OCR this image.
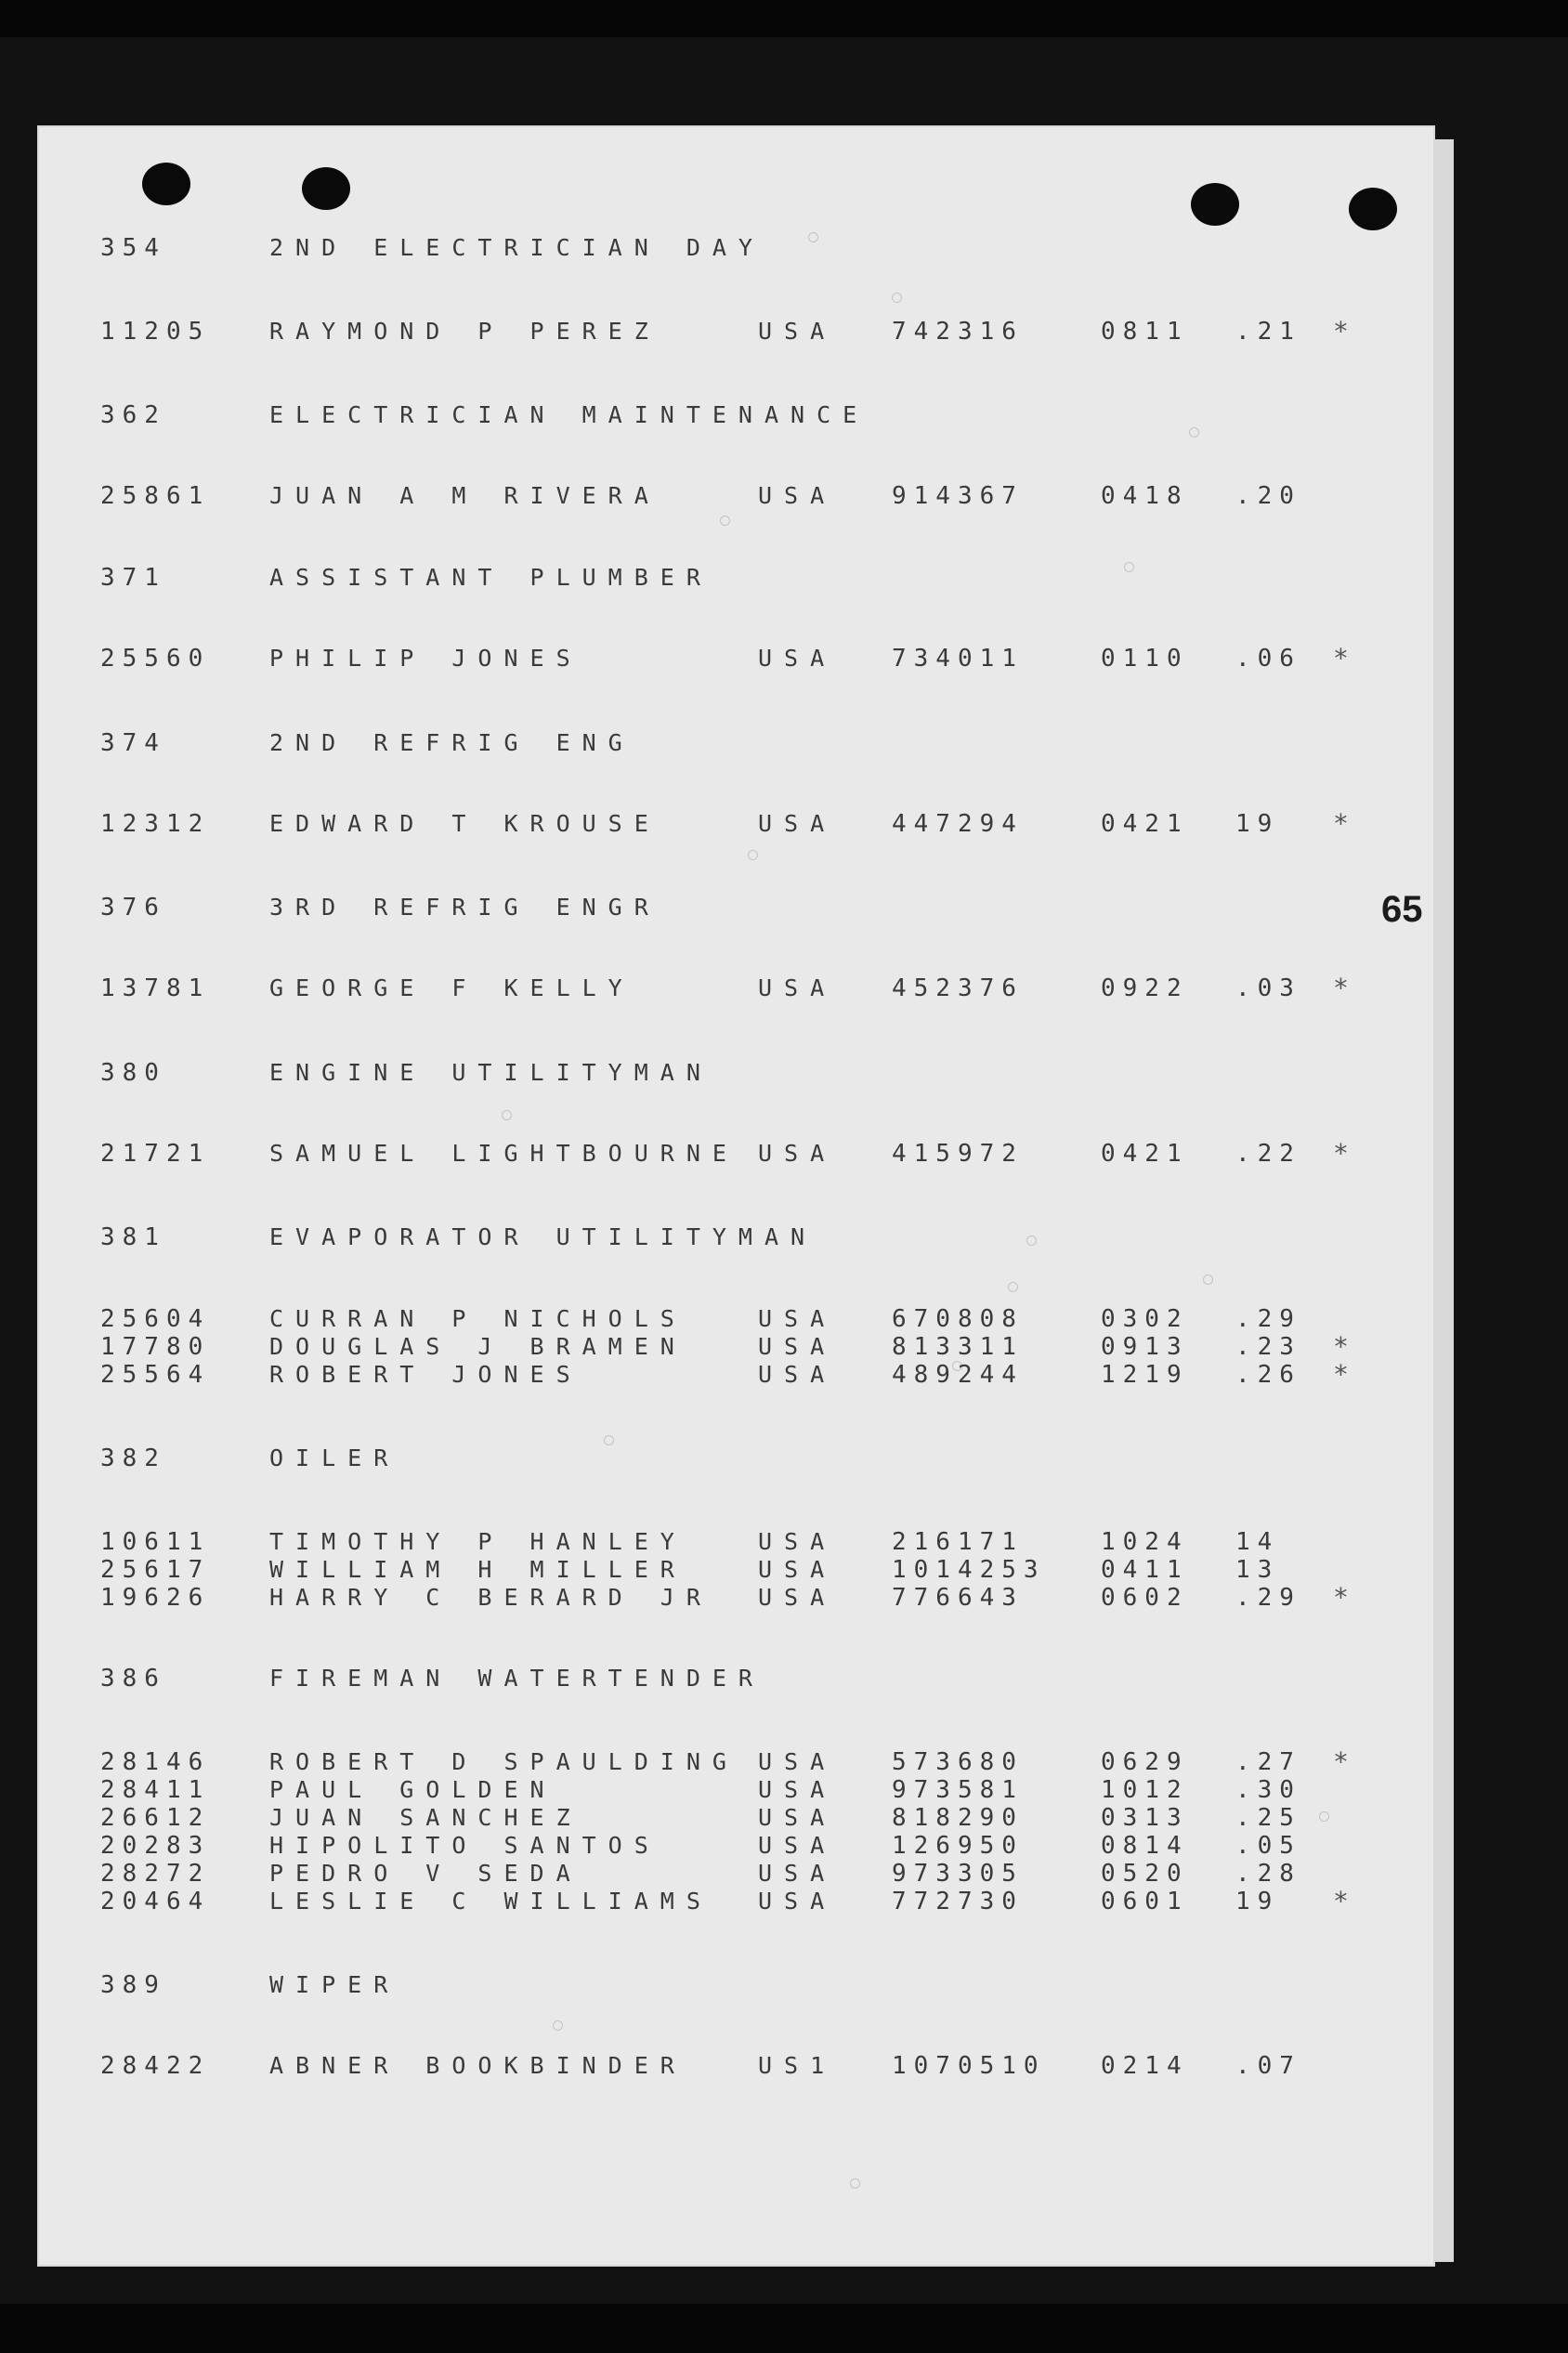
65
354	2ND ELECTRICIAN DAY
11205	RAYMOND P PEREZ	USA 742316	0811 .21 *
362	ELECTRICIAN MAINTENANCE
25861	JUAN A M RIVERA	USA 914367	0418 .20
371	ASSISTANT PLUMBER
25560	PHILIP JONES	USA 734011	0110 .06 *
374	2ND REFRIG ENG
12312	EDWARD T KROUSE	USA 447294	0421 19 *
376	3RD REFRIG ENGR
13781	GEORGE F KELLY	USA 452376	0922 .03 *
380	ENGINE UTILITYMAN
21721	SAMUEL LIGHTBOURNE USA 415972	0421 .22 *
381	EVAPORATOR UTILITYMAN
25604	CURRAN P NICHOLS	USA 670808	0302 .29
17780	DOUGLAS J BRAMEN	USA 813311	0913 .23 *
25564	ROBERT JONES	USA 489244	1219 .26 *
382	OILER
10611	TIMOTHY P HANLEY	USA 216171	1024 14
25617	WILLIAM H MILLER	USA 1014253 0411 13
19626	HARRY C BERARD JR USA 776643	0602 .29 *
386	FIREMAN WATERTENDER
28146	ROBERT D SPAULDING USA 573680	0629 .27 *
28411	PAUL GOLDEN	USA 973581	1012 .30
26612	JUAN SANCHEZ	USA 818290	0313 .25
20283	HIPOLITO SANTOS	USA 126950	0814 .05
28272	PEDRO V SEDA	USA 973305	0520 .28
20464	LESLIE C WILLIAMS USA 772730	0601 19 *
389	WIPER
28422	ABNER BOOKBINDER	US1 1070510 0214 .07
